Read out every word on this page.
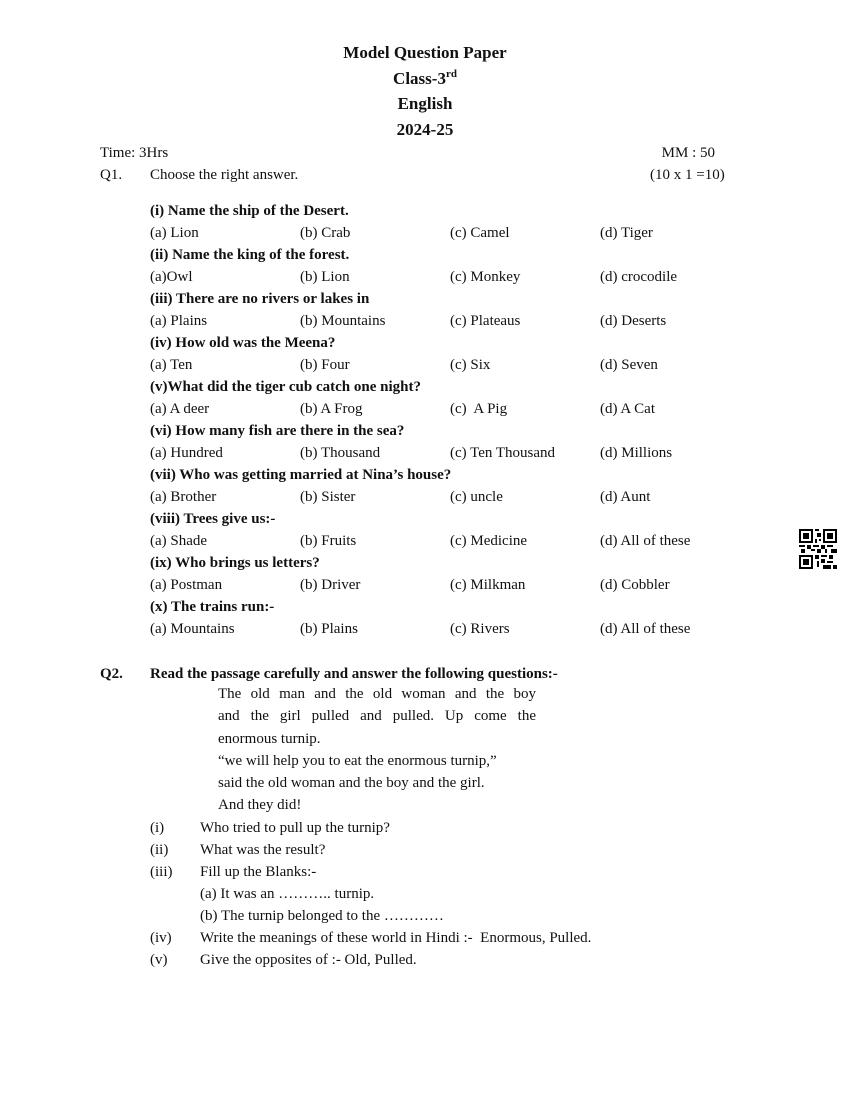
Model Question Paper
Class-3rd
English
2024-25
Time: 3Hrs	MM : 50
Q1.	Choose the right answer.	(10 x 1 =10)
(i) Name the ship of the Desert.
(a) Lion	(b) Crab	(c) Camel	(d) Tiger
(ii) Name the king of the forest.
(a)Owl	(b) Lion	(c) Monkey	(d) crocodile
(iii) There are no rivers or lakes in
(a) Plains	(b) Mountains	(c) Plateaus	(d) Deserts
(iv) How old was the Meena?
(a) Ten	(b) Four	(c) Six	(d) Seven
(v)What did the tiger cub catch one night?
(a) A deer	(b) A Frog	(c)  A Pig	(d) A Cat
(vi) How many fish are there in the sea?
(a) Hundred	(b) Thousand	(c) Ten Thousand	(d) Millions
(vii) Who was getting married at Nina’s house?
(a) Brother	(b) Sister	(c) uncle	(d) Aunt
(viii) Trees give us:-
(a) Shade	(b) Fruits	(c) Medicine	(d) All of these
(ix) Who brings us letters?
(a) Postman	(b) Driver	(c) Milkman	(d) Cobbler
(x) The trains run:-
(a) Mountains	(b) Plains	(c) Rivers	(d) All of these
Q2.	Read the passage carefully and answer the following questions:-
The old man and the old woman and the boy
and the girl pulled and pulled. Up come the
enormous turnip.
“we will help you to eat the enormous turnip,”
said the old woman and the boy and the girl.
And they did!
(i)	Who tried to pull up the turnip?
(ii)	What was the result?
(iii)	Fill up the Blanks:-
(a) It was an ……….. turnip.
(b) The turnip belonged to the …………
(iv)	Write the meanings of these world in Hindi :-  Enormous, Pulled.
(v)	Give the opposites of :- Old, Pulled.
